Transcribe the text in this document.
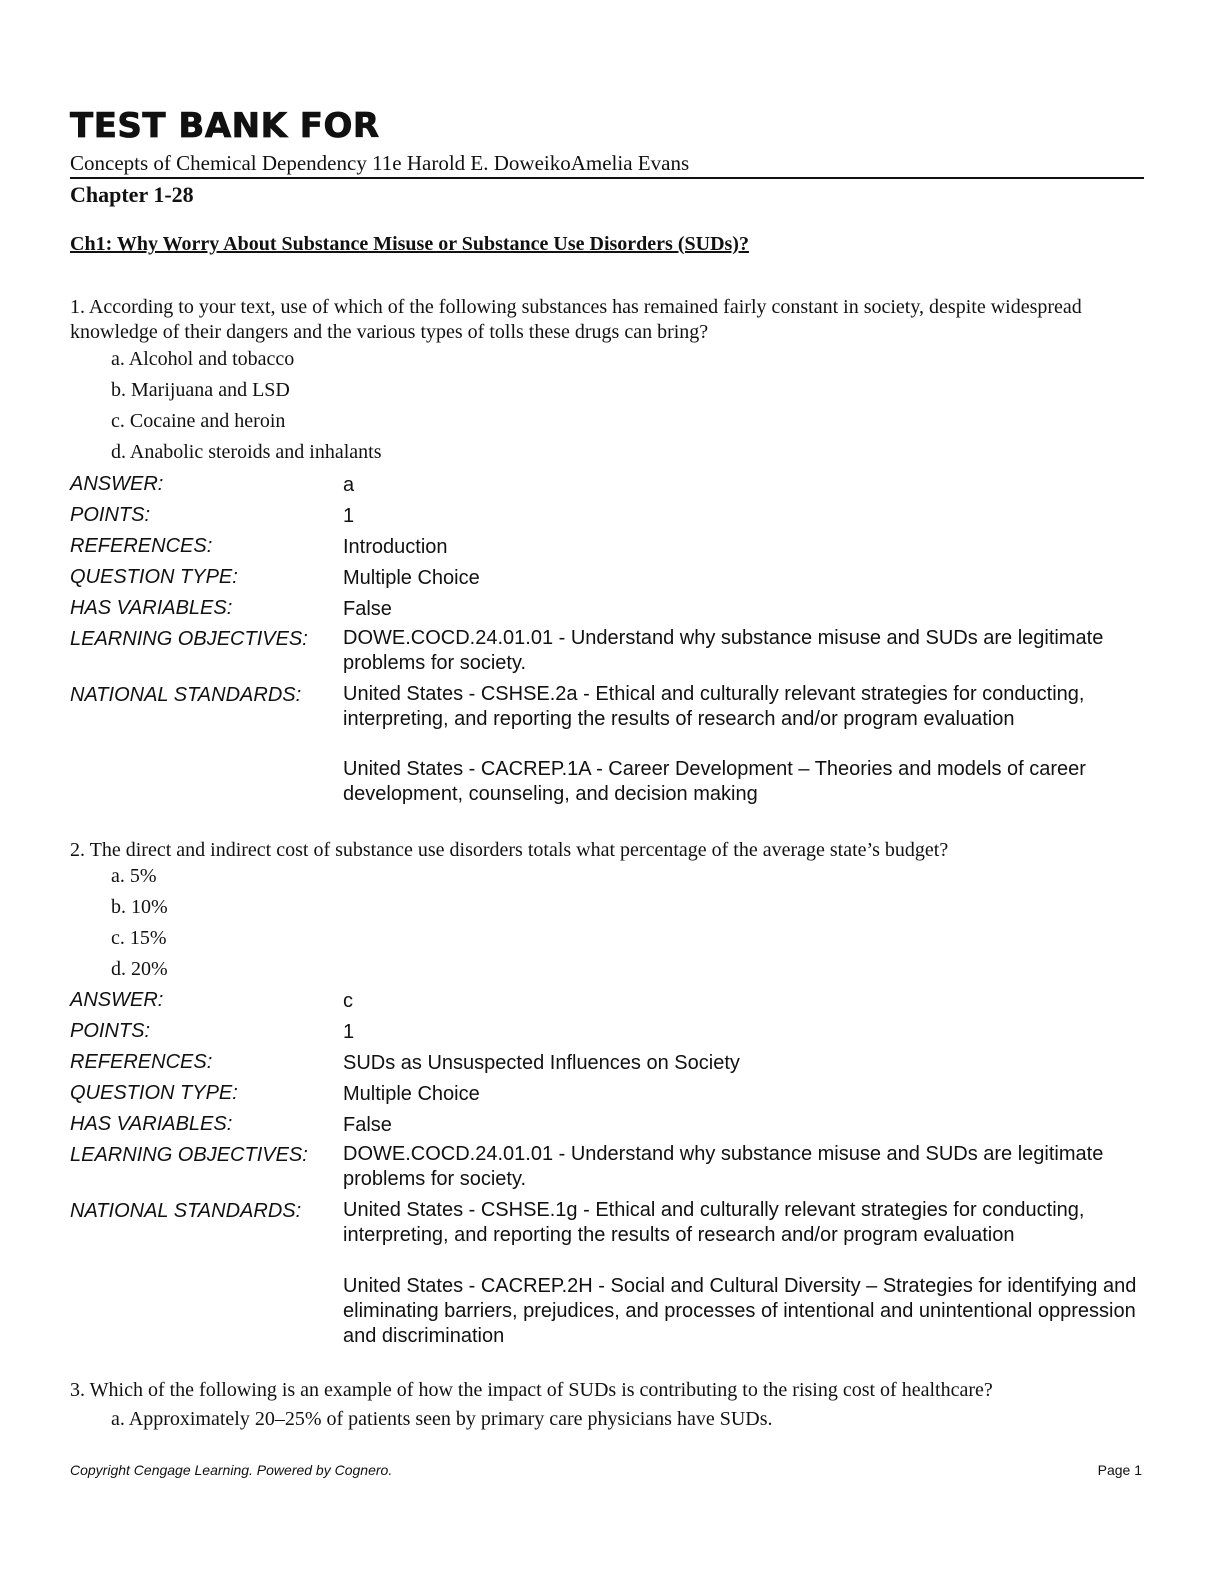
TEST BANK FOR
Concepts of Chemical Dependency 11e Harold E. DoweikoAmelia Evans
Chapter 1-28
Ch1: Why Worry About Substance Misuse or Substance Use Disorders (SUDs)?
1. According to your text, use of which of the following substances has remained fairly constant in society, despite widespread knowledge of their dangers and the various types of tolls these drugs can bring?
a. Alcohol and tobacco
b. Marijuana and LSD
c. Cocaine and heroin
d. Anabolic steroids and inhalants
ANSWER:	a
POINTS:	1
REFERENCES:	Introduction
QUESTION TYPE:	Multiple Choice
HAS VARIABLES:	False
LEARNING OBJECTIVES: DOWE.COCD.24.01.01 - Understand why substance misuse and SUDs are legitimate problems for society.
NATIONAL STANDARDS: United States - CSHSE.2a - Ethical and culturally relevant strategies for conducting, interpreting, and reporting the results of research and/or program evaluation
United States - CACREP.1A - Career Development – Theories and models of career development, counseling, and decision making
2. The direct and indirect cost of substance use disorders totals what percentage of the average state’s budget?
a. 5%
b. 10%
c. 15%
d. 20%
ANSWER:	c
POINTS:	1
REFERENCES:	SUDs as Unsuspected Influences on Society
QUESTION TYPE:	Multiple Choice
HAS VARIABLES:	False
LEARNING OBJECTIVES: DOWE.COCD.24.01.01 - Understand why substance misuse and SUDs are legitimate problems for society.
NATIONAL STANDARDS: United States - CSHSE.1g - Ethical and culturally relevant strategies for conducting, interpreting, and reporting the results of research and/or program evaluation
United States - CACREP.2H - Social and Cultural Diversity – Strategies for identifying and eliminating barriers, prejudices, and processes of intentional and unintentional oppression and discrimination
3. Which of the following is an example of how the impact of SUDs is contributing to the rising cost of healthcare?
a. Approximately 20–25% of patients seen by primary care physicians have SUDs.
Copyright Cengage Learning. Powered by Cognero.	Page 1
